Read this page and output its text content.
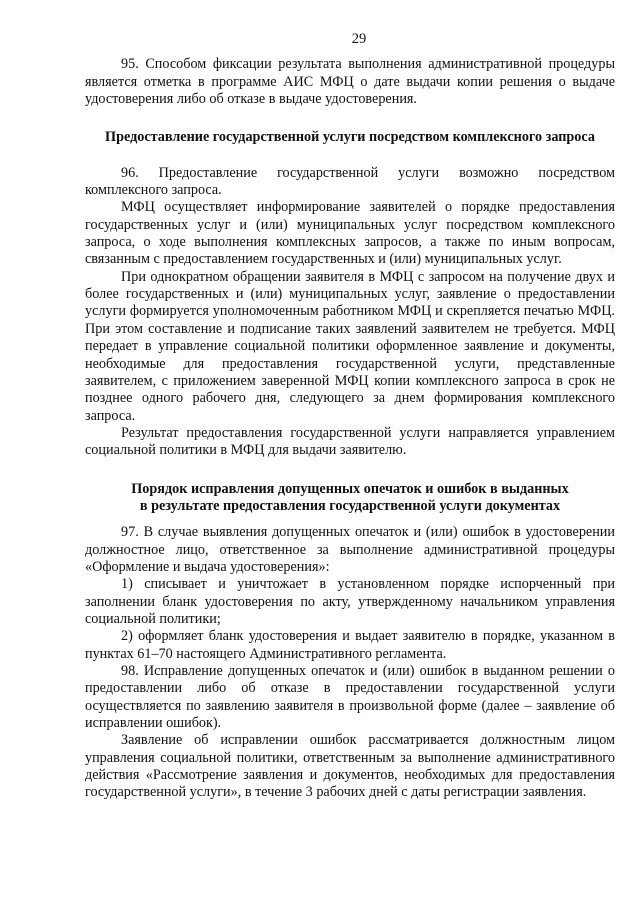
29

95. Способом фиксации результата выполнения административной процедуры является отметка в программе АИС МФЦ о дате выдачи копии решения о выдаче удостоверения либо об отказе в выдаче удостоверения.

Предоставление государственной услуги посредством комплексного запроса

96. Предоставление государственной услуги возможно посредством комплексного запроса.

МФЦ осуществляет информирование заявителей о порядке предоставления государственных услуг и (или) муниципальных услуг посредством комплексного запроса, о ходе выполнения комплексных запросов, а также по иным вопросам, связанным с предоставлением государственных и (или) муниципальных услуг.

При однократном обращении заявителя в МФЦ с запросом на получение двух и более государственных и (или) муниципальных услуг, заявление о предоставлении услуги формируется уполномоченным работником МФЦ и скрепляется печатью МФЦ. При этом составление и подписание таких заявлений заявителем не требуется. МФЦ передает в управление социальной политики оформленное заявление и документы, необходимые для предоставления государственной услуги, представленные заявителем, с приложением заверенной МФЦ копии комплексного запроса в срок не позднее одного рабочего дня, следующего за днем формирования комплексного запроса.

Результат предоставления государственной услуги направляется управлением социальной политики в МФЦ для выдачи заявителю.

Порядок исправления допущенных опечаток и ошибок в выданных
в результате предоставления государственной услуги документах

97. В случае выявления допущенных опечаток и (или) ошибок в удостоверении должностное лицо, ответственное за выполнение административной процедуры «Оформление и выдача удостоверения»:

1) списывает и уничтожает в установленном порядке испорченный при заполнении бланк удостоверения по акту, утвержденному начальником управления социальной политики;

2) оформляет бланк удостоверения и выдает заявителю в порядке, указанном в пунктах 61–70 настоящего Административного регламента.

98. Исправление допущенных опечаток и (или) ошибок в выданном решении о предоставлении либо об отказе в предоставлении государственной услуги осуществляется по заявлению заявителя в произвольной форме (далее – заявление об исправлении ошибок).

Заявление об исправлении ошибок рассматривается должностным лицом управления социальной политики, ответственным за выполнение административного действия «Рассмотрение заявления и документов, необходимых для предоставления государственной услуги», в течение 3 рабочих дней с даты регистрации заявления.
